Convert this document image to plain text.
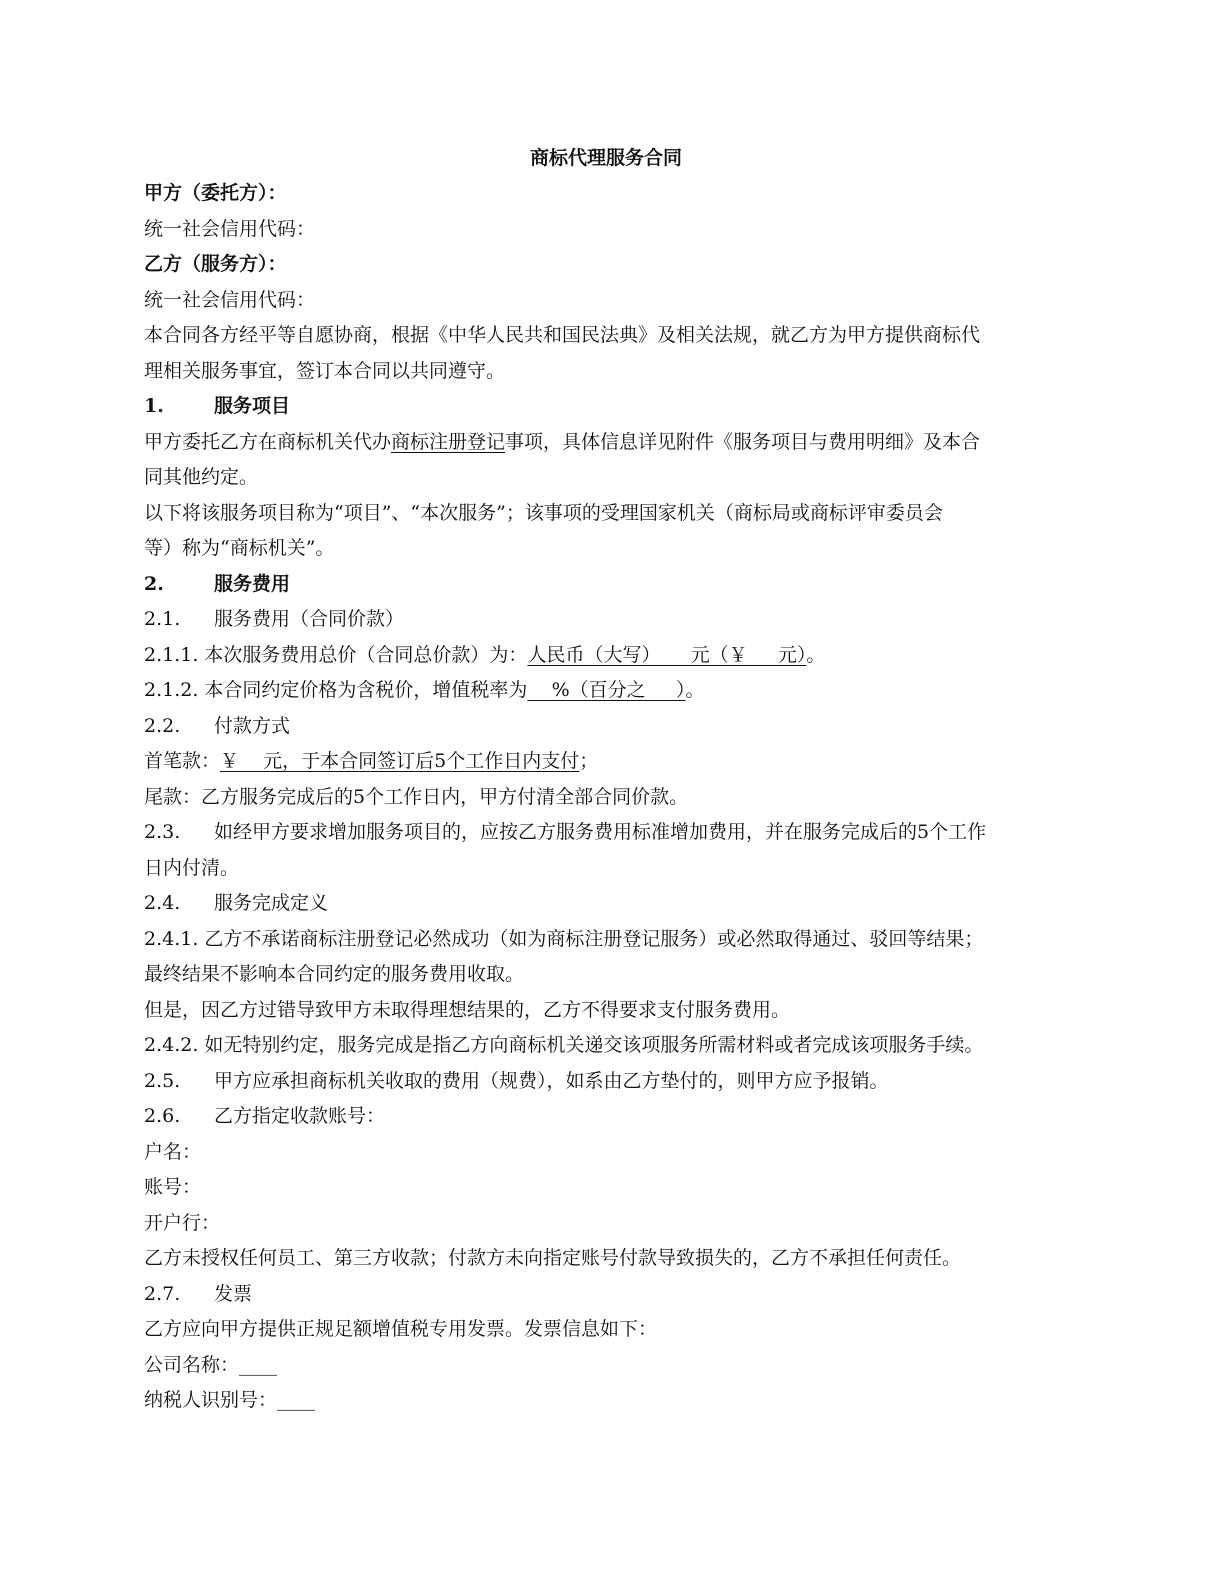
商标代理服务合同
甲方（委托方）：
统一社会信用代码：
乙方（服务方）：
统一社会信用代码：
本合同各方经平等自愿协商，根据《中华人民共和国民法典》及相关法规，就乙方为甲方提供商标代
理相关服务事宜，签订本合同以共同遵守。
1.	服务项目
甲方委托乙方在商标机关代办商标注册登记事项，具体信息详见附件《服务项目与费用明细》及本合
同其他约定。
以下将该服务项目称为“项目”、“本次服务”；该事项的受理国家机关（商标局或商标评审委员会
等）称为“商标机关”。
2.	服务费用
2.1. 服务费用（合同价款）
2.1.1. 本次服务费用总价（合同总价款）为：人民币（大写）     元（￥     元）。
2.1.2. 本合同约定价格为含税价，增值税率为    %（百分之     ）。
2.2. 付款方式
首笔款：￥    元，于本合同签订后5个工作日内支付；
尾款：乙方服务完成后的5个工作日内，甲方付清全部合同价款。
2.3. 如经甲方要求增加服务项目的，应按乙方服务费用标准增加费用，并在服务完成后的5个工作
日内付清。
2.4. 服务完成定义
2.4.1. 乙方不承诺商标注册登记必然成功（如为商标注册登记服务）或必然取得通过、驳回等结果；
最终结果不影响本合同约定的服务费用收取。
但是，因乙方过错导致甲方未取得理想结果的，乙方不得要求支付服务费用。
2.4.2. 如无特别约定，服务完成是指乙方向商标机关递交该项服务所需材料或者完成该项服务手续。
2.5. 甲方应承担商标机关收取的费用（规费），如系由乙方垫付的，则甲方应予报销。
2.6. 乙方指定收款账号：
户名：
账号：
开户行：
乙方未授权任何员工、第三方收款；付款方未向指定账号付款导致损失的，乙方不承担任何责任。
2.7. 发票
乙方应向甲方提供正规足额增值税专用发票。发票信息如下：
公司名称：____
纳税人识别号：____
